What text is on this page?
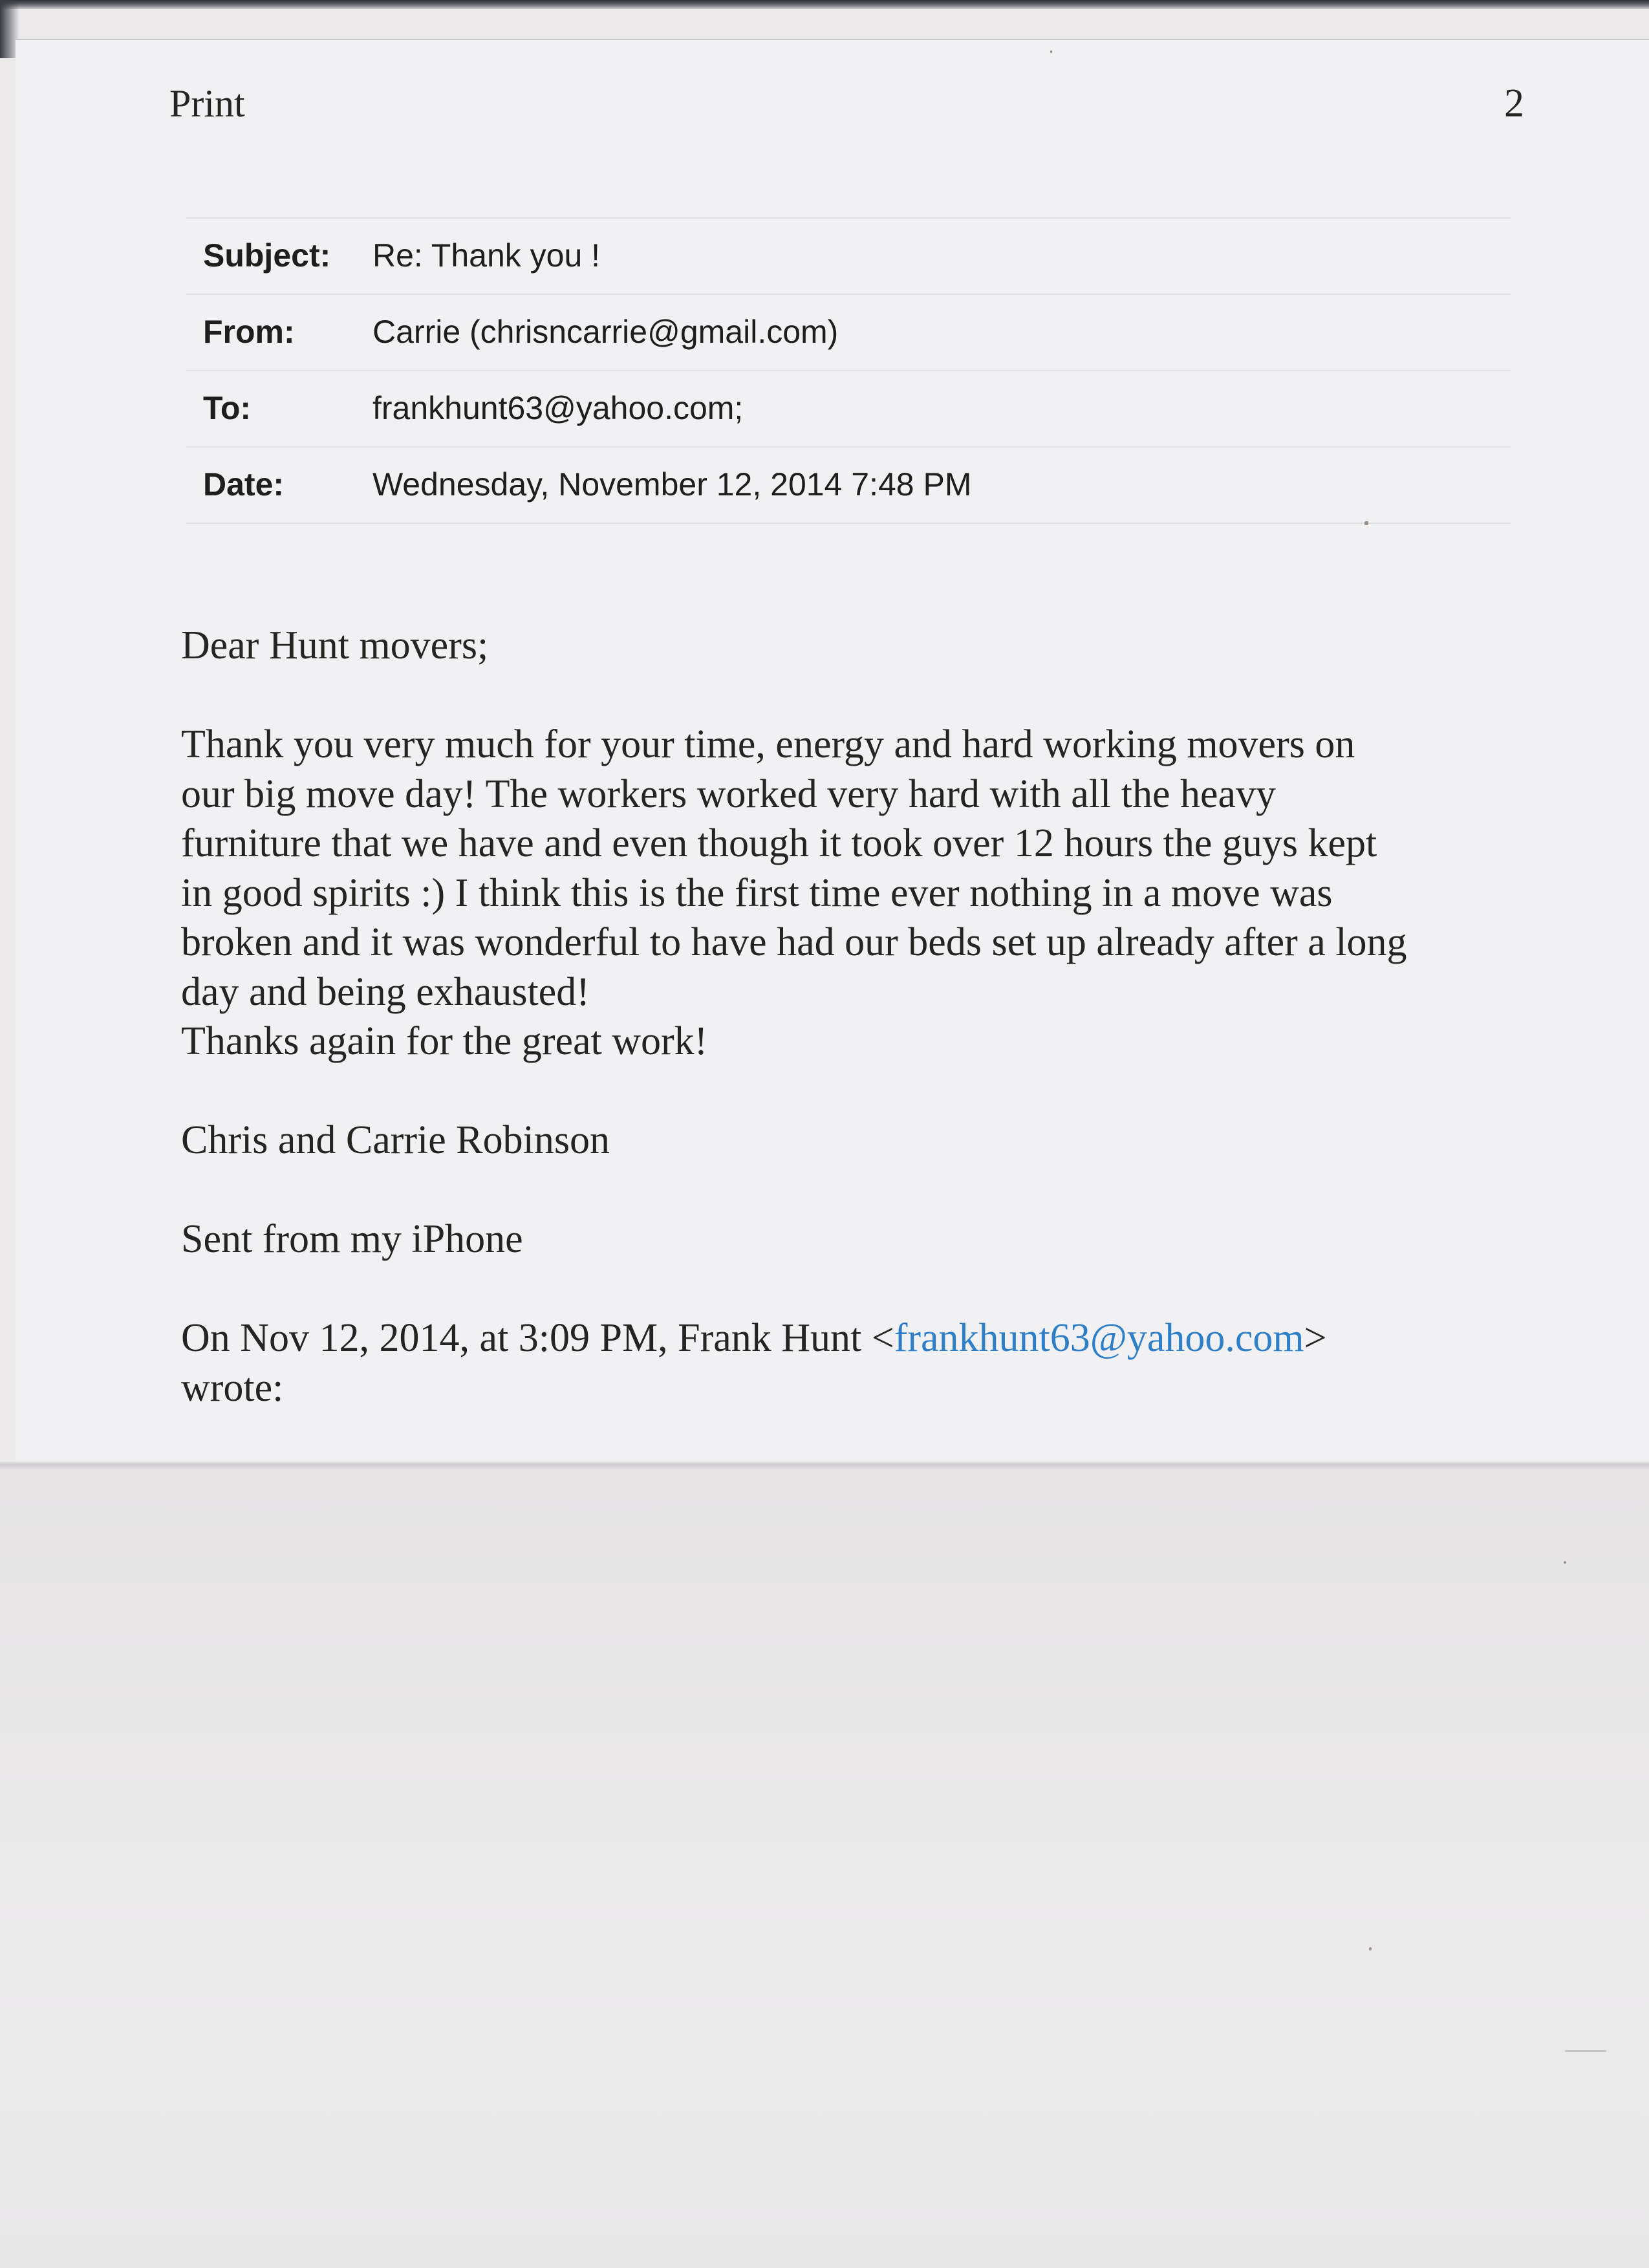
Print	2
Subject: Re: Thank you !
From: Carrie (chrisncarrie@gmail.com)
To:	frankhunt63@yahoo.com;
Date:	Wednesday, November 12, 2014 7:48 PM

Dear Hunt movers;

Thank you very much for your time, energy and hard working movers on

our big move day! The workers worked very hard with all the heavy

furniture that we have and even though it took over 12 hours the guys kept

in good spirits :) I think this is the first time ever nothing in a move was

broken and it was wonderful to have had our beds set up already after a long

day and being exhausted!

Thanks again for the great work!

Chris and Carrie Robinson

Sent from my iPhone

On Nov 12, 2014, at 3:09 PM, Frank Hunt <frankhunt63@yahoo.com>

wrote:
